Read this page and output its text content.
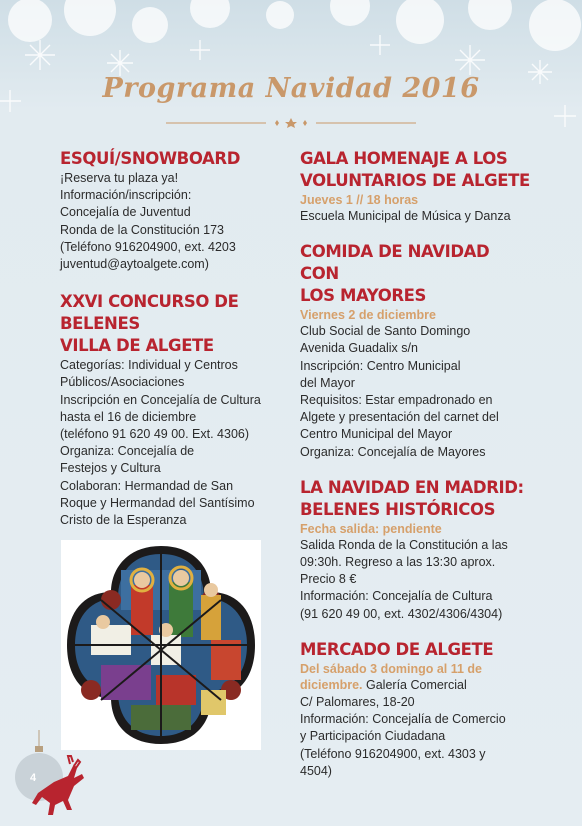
Programa Navidad 2016
ESQUÍ/SNOWBOARD
¡Reserva tu plaza ya!
Información/inscripción:
Concejalía de Juventud
Ronda de la Constitución 173
(Teléfono 916204900, ext. 4203
juventud@aytoalgete.com)
XXVI CONCURSO DE BELENES
VILLA DE ALGETE
Categorías: Individual y Centros
Públicos/Asociaciones
Inscripción en Concejalía de Cultura
hasta el 16 de diciembre
(teléfono 91 620 49 00. Ext. 4306)
Organiza: Concejalía de
Festejos y Cultura
Colaboran: Hermandad de San
Roque y Hermandad del Santísimo
Cristo de la Esperanza
GALA HOMENAJE A LOS
VOLUNTARIOS DE ALGETE
Jueves 1 // 18 horas
Escuela Municipal de Música y Danza
COMIDA DE NAVIDAD CON
LOS MAYORES
Viernes 2 de diciembre
Club Social de Santo Domingo
Avenida Guadalix s/n
Inscripción: Centro Municipal
del Mayor
Requisitos: Estar empadronado en
Algete y presentación del carnet del
Centro Municipal del Mayor
Organiza: Concejalía de Mayores
LA NAVIDAD EN MADRID:
BELENES HISTÓRICOS
Fecha salida: pendiente
Salida Ronda de la Constitución a las
09:30h. Regreso a las 13:30 aprox.
Precio 8 €
Información: Concejalía de Cultura
(91 620 49 00, ext. 4302/4306/4304)
MERCADO DE ALGETE
Del sábado 3 domingo al 11 de
diciembre. Galería Comercial
C/ Palomares, 18-20
Información: Concejalía de Comercio
y Participación Ciudadana
(Teléfono 916204900, ext. 4303 y
4504)
4
